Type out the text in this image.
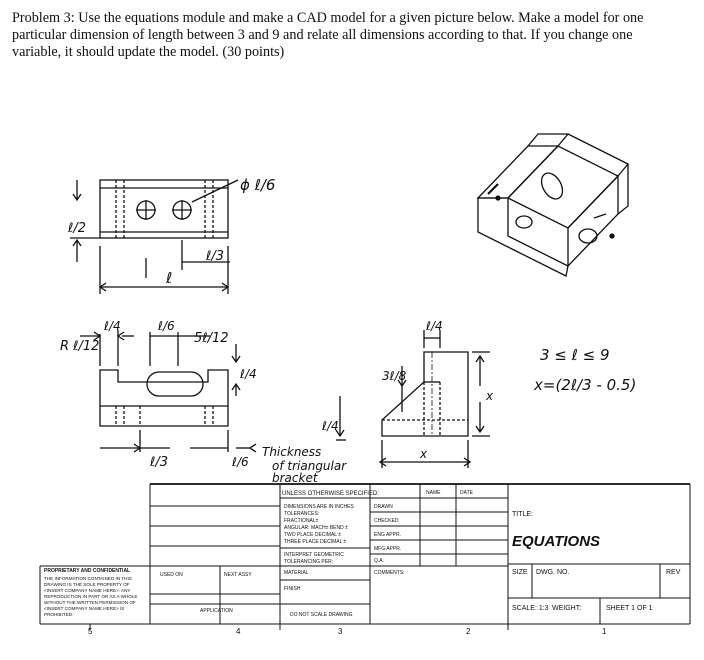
Problem 3: Use the equations module and make a CAD model for a given picture below. Make a model for one particular dimension of length between 3 and 9 and relate all dimensions according to that. If you change one variable, it should update the model. (30 points)
ℓ/2
ϕ ℓ/6
ℓ/3
ℓ
R ℓ/12
ℓ/4	ℓ/6
5ℓ/12
ℓ/4
ℓ/3	ℓ/6
ℓ/4
Thickness
of triangular
bracket
ℓ/4
3ℓ/8
x
x
3 ≤ ℓ ≤ 9
x=(2ℓ/3 - 0.5)
UNLESS OTHERWISE SPECIFIED:
DIMENSIONS ARE IN INCHES
TOLERANCES:
FRACTIONAL±
ANGULAR: MACH± BEND ±
TWO PLACE DECIMAL ±
THREE PLACE DECIMAL ±
INTERPRET GEOMETRIC
TOLERANCING PER:
MATERIAL
FINISH
DO NOT SCALE DRAWING
NEXT ASSY
USED ON
APPLICATION
NAME	DATE
DRAWN
CHECKED
ENG APPR.
MFG APPR.
Q.A.
COMMENTS:
TITLE:
EQUATIONS
SIZE DWG. NO.	REV
SCALE: 1:3 WEIGHT:	SHEET 1 OF 1
PROPRIETARY AND CONFIDENTIAL
THE INFORMATION CONTAINED IN THIS
DRAWING IS THE SOLE PROPERTY OF
<INSERT COMPANY NAME HERE>. ANY
REPRODUCTION IN PART OR AS A WHOLE
WITHOUT THE WRITTEN PERMISSION OF
<INSERT COMPANY NAME HERE> IS
PROHIBITED.
5	4	3	2	1
